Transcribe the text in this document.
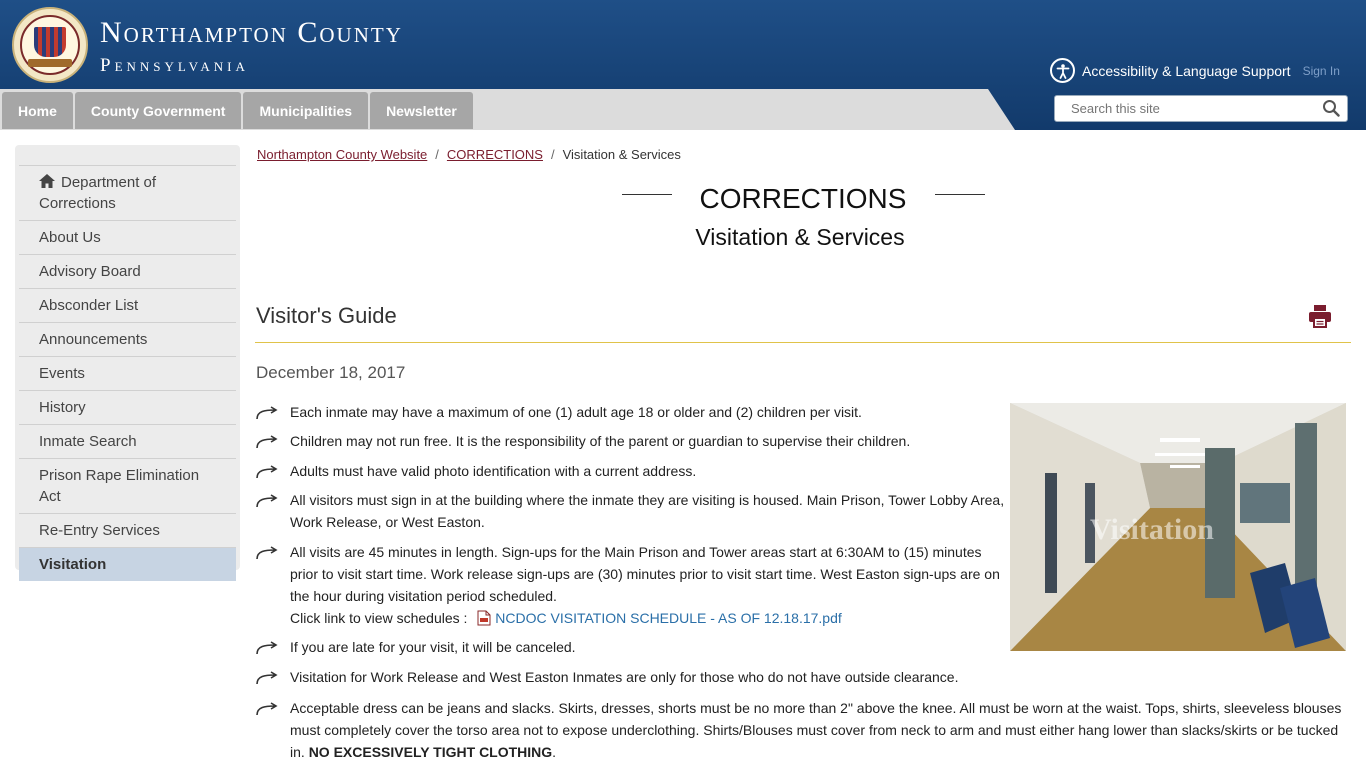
Northampton County
Pennsylvania	Accessibility & Language Support Sign In
Home	County Government	Municipalities	Newsletter
Search this site
Department of Corrections
About Us
Advisory Board
Absconder List
Announcements
Events
History
Inmate Search
Prison Rape Elimination Act
Re-Entry Services
Visitation
Northampton County Website / CORRECTIONS / Visitation & Services
CORRECTIONS
Visitation & Services
Visitor's Guide
December 18, 2017
Visitation
Each inmate may have a maximum of one (1) adult age 18 or older and (2) children per visit.
Children may not run free. It is the responsibility of the parent or guardian to supervise their children.
Adults must have valid photo identification with a current address.
All visitors must sign in at the building where the inmate they are visiting is housed. Main Prison, Tower Lobby Area, Work Release, or West Easton.
All visits are 45 minutes in length. Sign-ups for the Main Prison and Tower areas start at 6:30AM to (15) minutes prior to visit start time. Work release sign-ups are (30) minutes prior to visit start time. West Easton sign-ups are on the hour during visitation period scheduled.
Click link to view schedules : NCDOC VISITATION SCHEDULE - AS OF 12.18.17.pdf
If you are late for your visit, it will be canceled.
Visitation for Work Release and West Easton Inmates are only for those who do not have outside clearance.
Acceptable dress can be jeans and slacks. Skirts, dresses, shorts must be no more than 2" above the knee. All must be worn at the waist. Tops, shirts, sleeveless blouses must completely cover the torso area not to expose underclothing. Shirts/Blouses must cover from neck to arm and must either hang lower than slacks/skirts or be tucked in. NO EXCESSIVELY TIGHT CLOTHING.
